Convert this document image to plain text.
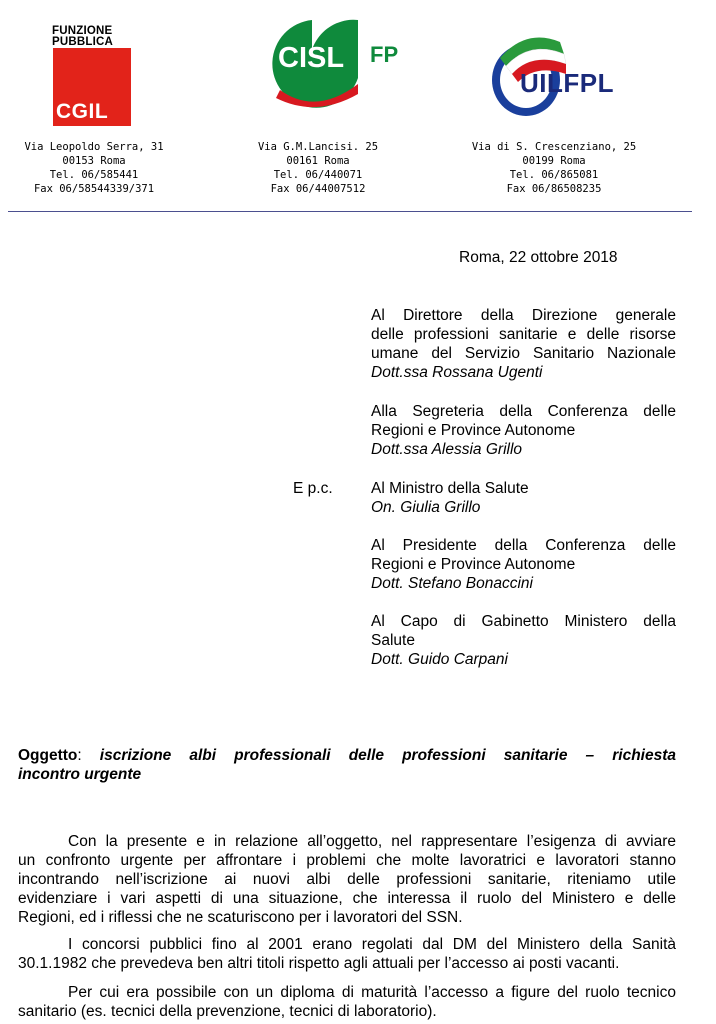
FUNZIONE PUBBLICA
CGIL
CISL FP
UILFPL
Via Leopoldo Serra, 31
00153 Roma
Tel. 06/585441
Fax 06/58544339/371
Via G.M.Lancisi. 25
00161 Roma
Tel. 06/440071
Fax 06/44007512
Via di S. Crescenziano, 25
00199 Roma
Tel. 06/865081
Fax 06/86508235
Roma, 22 ottobre 2018
Al Direttore della Direzione generale
delle professioni sanitarie e delle risorse
umane del Servizio Sanitario Nazionale
Dott.ssa Rossana Ugenti
Alla Segreteria della Conferenza delle
Regioni e Province Autonome
Dott.ssa Alessia Grillo
E p.c. Al Ministro della Salute
On. Giulia Grillo
Al Presidente della Conferenza delle
Regioni e Province Autonome
Dott. Stefano Bonaccini
Al Capo di Gabinetto Ministero della
Salute
Dott. Guido Carpani
Oggetto: iscrizione albi professionali delle professioni sanitarie – richiesta
incontro urgente
Con la presente e in relazione all’oggetto, nel rappresentare l’esigenza di avviare
un confronto urgente per affrontare i problemi che molte lavoratrici e lavoratori stanno
incontrando nell’iscrizione ai nuovi albi delle professioni sanitarie, riteniamo utile
evidenziare i vari aspetti di una situazione, che interessa il ruolo del Ministero e delle
Regioni, ed i riflessi che ne scaturiscono per i lavoratori del SSN.
I concorsi pubblici fino al 2001 erano regolati dal DM del Ministero della Sanità
30.1.1982 che prevedeva ben altri titoli rispetto agli attuali per l’accesso ai posti vacanti.
Per cui era possibile con un diploma di maturità l’accesso a figure del ruolo tecnico
sanitario (es. tecnici della prevenzione, tecnici di laboratorio).
